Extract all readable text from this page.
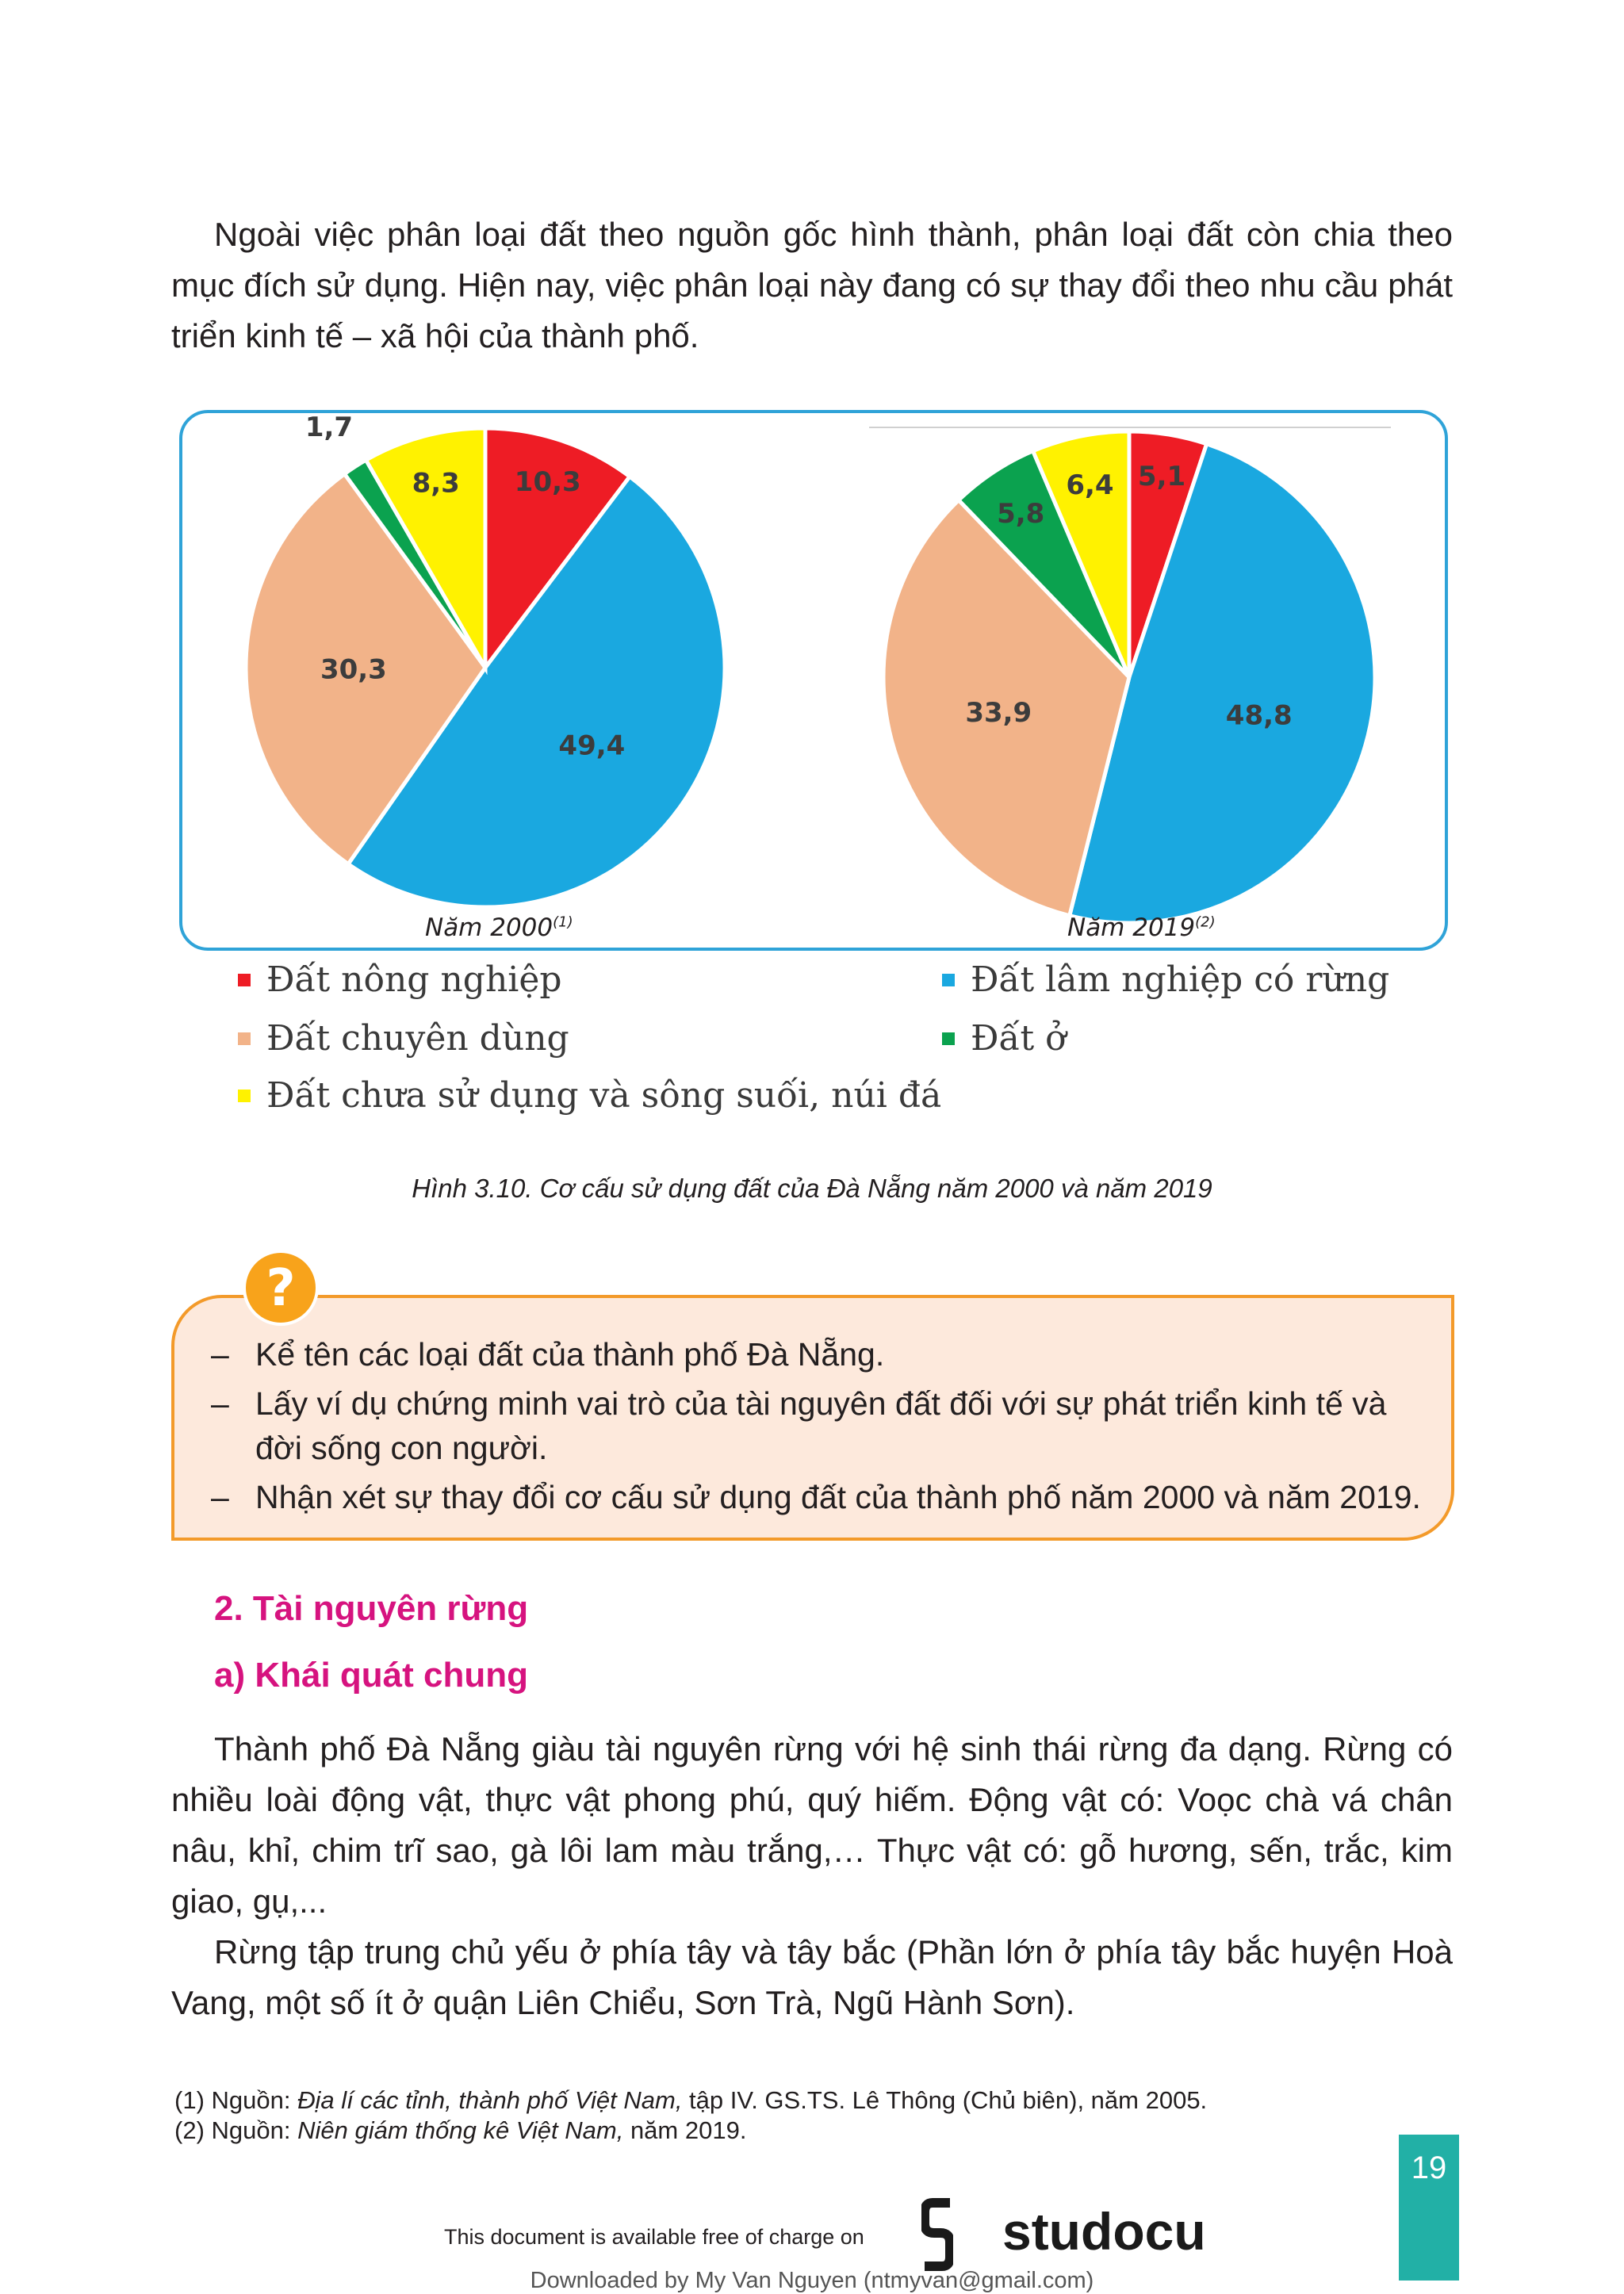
Ngoài việc phân loại đất theo nguồn gốc hình thành, phân loại đất còn chia theo mục đích sử dụng. Hiện nay, việc phân loại này đang có sự thay đổi theo nhu cầu phát triển kinh tế – xã hội của thành phố.

10,3
49,4
30,3
1,7
8,3	5,1
48,8
33,9
5,8
6,4
Năm 2000$^{(1)}$	Năm 2019$^{(2)}$
Đất nông nghiệp	Đất lâm nghiệp có rừng
Đất chuyên dùng	Đất ở
Đất chưa sử dụng và sông suối, núi đá
Hình 3.10. Cơ cấu sử dụng đất của Đà Nẵng năm 2000 và năm 2019
?
– Kể tên các loại đất của thành phố Đà Nẵng.
– Lấy ví dụ chứng minh vai trò của tài nguyên đất đối với sự phát triển kinh tế và đời sống con người.
– Nhận xét sự thay đổi cơ cấu sử dụng đất của thành phố năm 2000 và năm 2019.
2. Tài nguyên rừng
a) Khái quát chung

Thành phố Đà Nẵng giàu tài nguyên rừng với hệ sinh thái rừng đa dạng. Rừng có nhiều loài động vật, thực vật phong phú, quý hiếm. Động vật có: Voọc chà vá chân nâu, khỉ, chim trĩ sao, gà lôi lam màu trắng,… Thực vật có: gỗ hương, sến, trắc, kim giao, gụ,...

Rừng tập trung chủ yếu ở phía tây và tây bắc (Phần lớn ở phía tây bắc huyện Hoà Vang, một số ít ở quận Liên Chiểu, Sơn Trà, Ngũ Hành Sơn).

(1) Nguồn: Địa lí các tỉnh, thành phố Việt Nam, tập IV. GS.TS. Lê Thông (Chủ biên), năm 2005.
(2) Nguồn: Niên giám thống kê Việt Nam, năm 2019.
19
This document is available free of charge on	studocu
Downloaded by My Van Nguyen (ntmyvan@gmail.com)
